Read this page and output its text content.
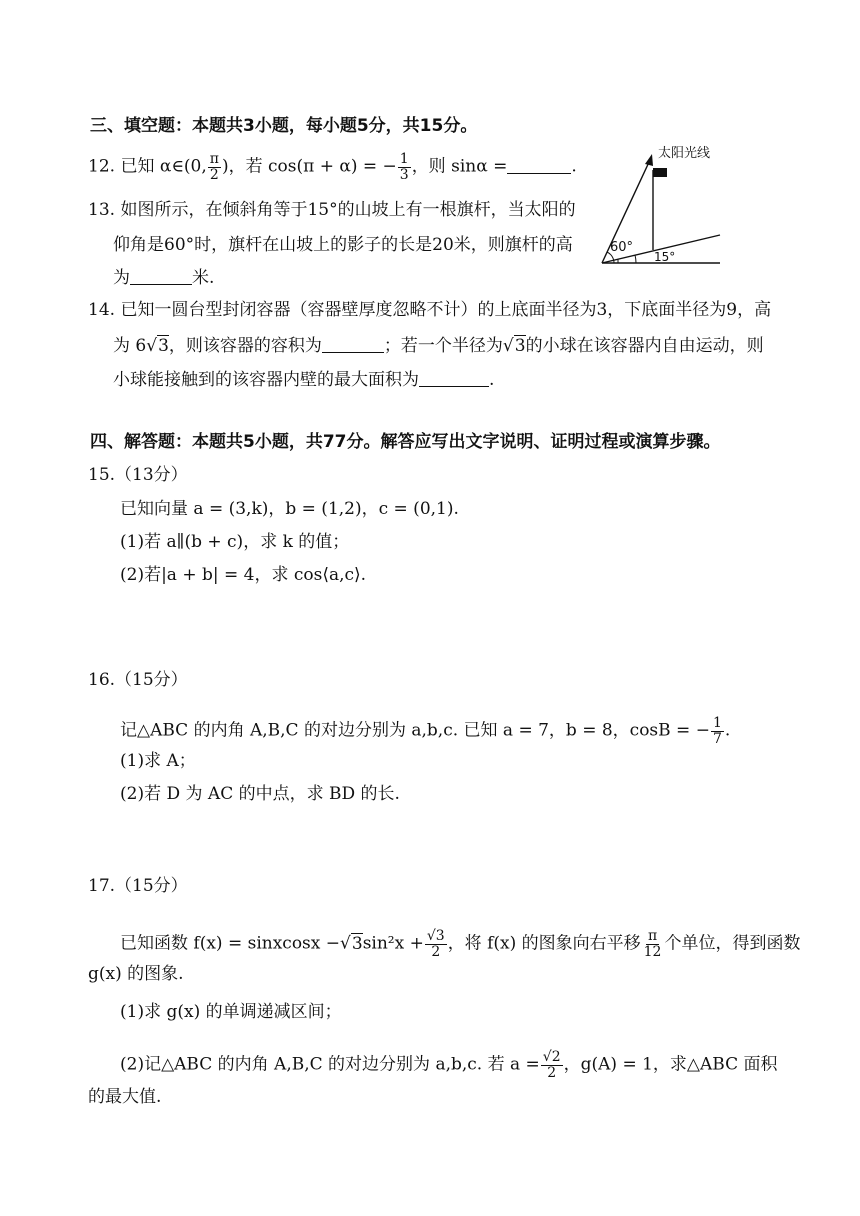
三、填空题：本题共3小题，每小题5分，共15分。
12. 已知 α∈(0, $\frac{\pi}{2}$ )，若 cos(π + α) = − $\frac{1}{3}$ ，则 sinα =	.
13. 如图所示，在倾斜角等于15°的山坡上有一根旗杆，当太阳的
仰角是60°时，旗杆在山坡上的影子的长是20米，则旗杆的高
为	米.
太阳光线
60°
15°
14. 已知一圆台型封闭容器（容器壁厚度忽略不计）的上底面半径为3，下底面半径为9，高
为 6√3，则该容器的容积为	；若一个半径为√3的小球在该容器内自由运动，则
小球能接触到的该容器内壁的最大面积为	.
四、解答题：本题共5小题，共77分。解答应写出文字说明、证明过程或演算步骤。
15.（13分）
已知向量 a = (3,k)，b = (1,2)，c = (0,1).
(1)若 a∥(b + c)，求 k 的值；
(2)若|a + b| = 4，求 cos⟨a,c⟩.
16.（15分）
记△ABC 的内角 A,B,C 的对边分别为 a,b,c. 已知 a = 7，b = 8，cosB = − $\frac{1}{7}$ .
(1)求 A；
(2)若 D 为 AC 的中点，求 BD 的长.
17.（15分）
已知函数 f(x) = sinxcosx $-√3\sin^2x + \frac{√3}{2}$ ，将 f(x) 的图象向右平移 $\frac{\pi}{12}$ 个单位，得到函数
g(x) 的图象.
(1)求 g(x) 的单调递减区间；
(2)记△ABC 的内角 A,B,C 的对边分别为 a,b,c. 若 $a = \frac{√2}{2}$ ，g(A) = 1，求△ABC 面积
的最大值.
